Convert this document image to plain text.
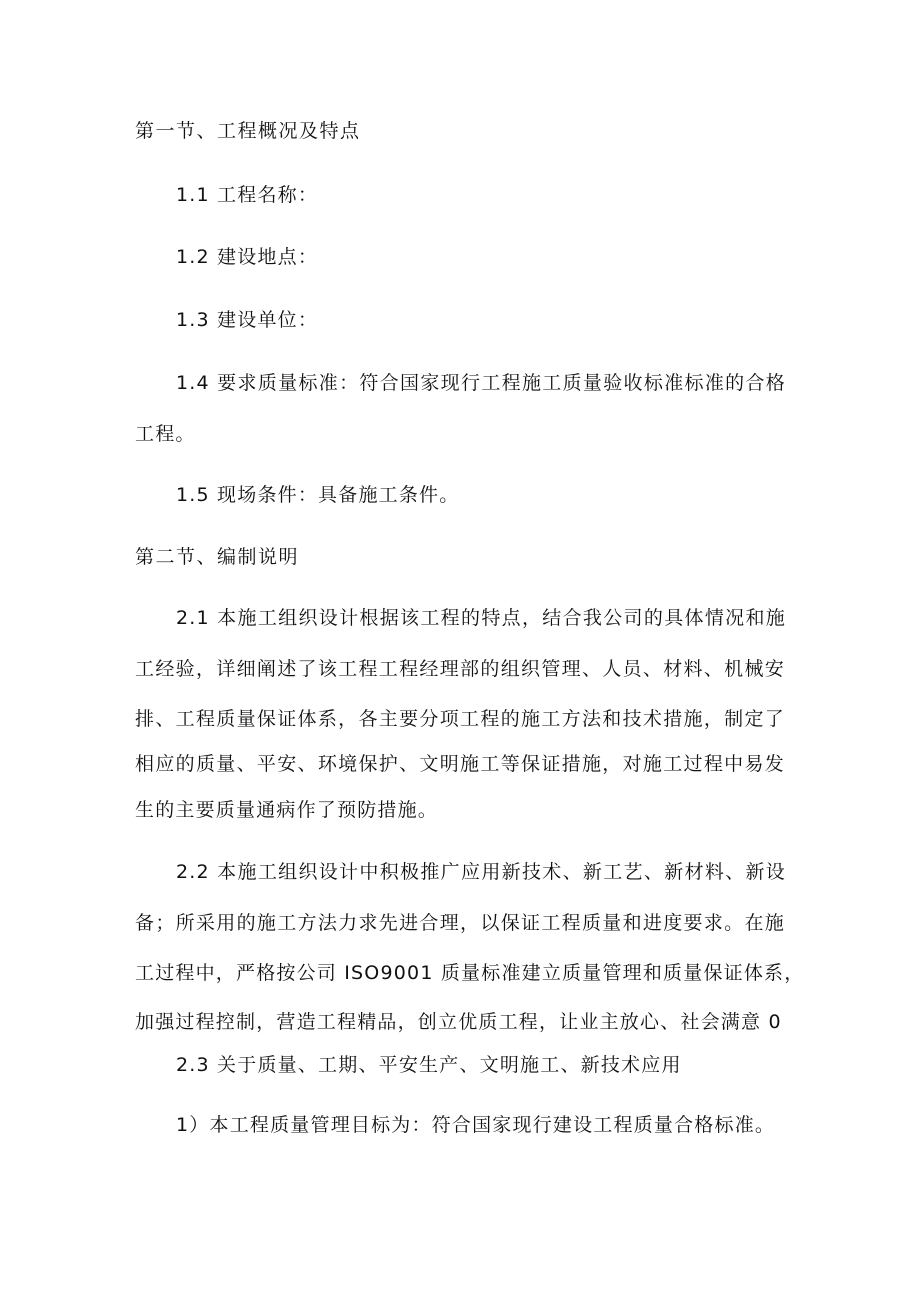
第一节、工程概况及特点
1.1 工程名称：
1.2 建设地点：
1.3 建设单位：
1.4 要求质量标准：符合国家现行工程施工质量验收标准标准的合格
工程。
1.5 现场条件：具备施工条件。
第二节、编制说明
2.1 本施工组织设计根据该工程的特点，结合我公司的具体情况和施
工经验，详细阐述了该工程工程经理部的组织管理、人员、材料、机械安
排、工程质量保证体系，各主要分项工程的施工方法和技术措施，制定了
相应的质量、平安、环境保护、文明施工等保证措施，对施工过程中易发
生的主要质量通病作了预防措施。
2.2 本施工组织设计中积极推广应用新技术、新工艺、新材料、新设
备；所采用的施工方法力求先进合理，以保证工程质量和进度要求。在施
工过程中，严格按公司 ISO9001 质量标准建立质量管理和质量保证体系，
加强过程控制，营造工程精品，创立优质工程，让业主放心、社会满意 0
2.3 关于质量、工期、平安生产、文明施工、新技术应用
1）本工程质量管理目标为：符合国家现行建设工程质量合格标准。
